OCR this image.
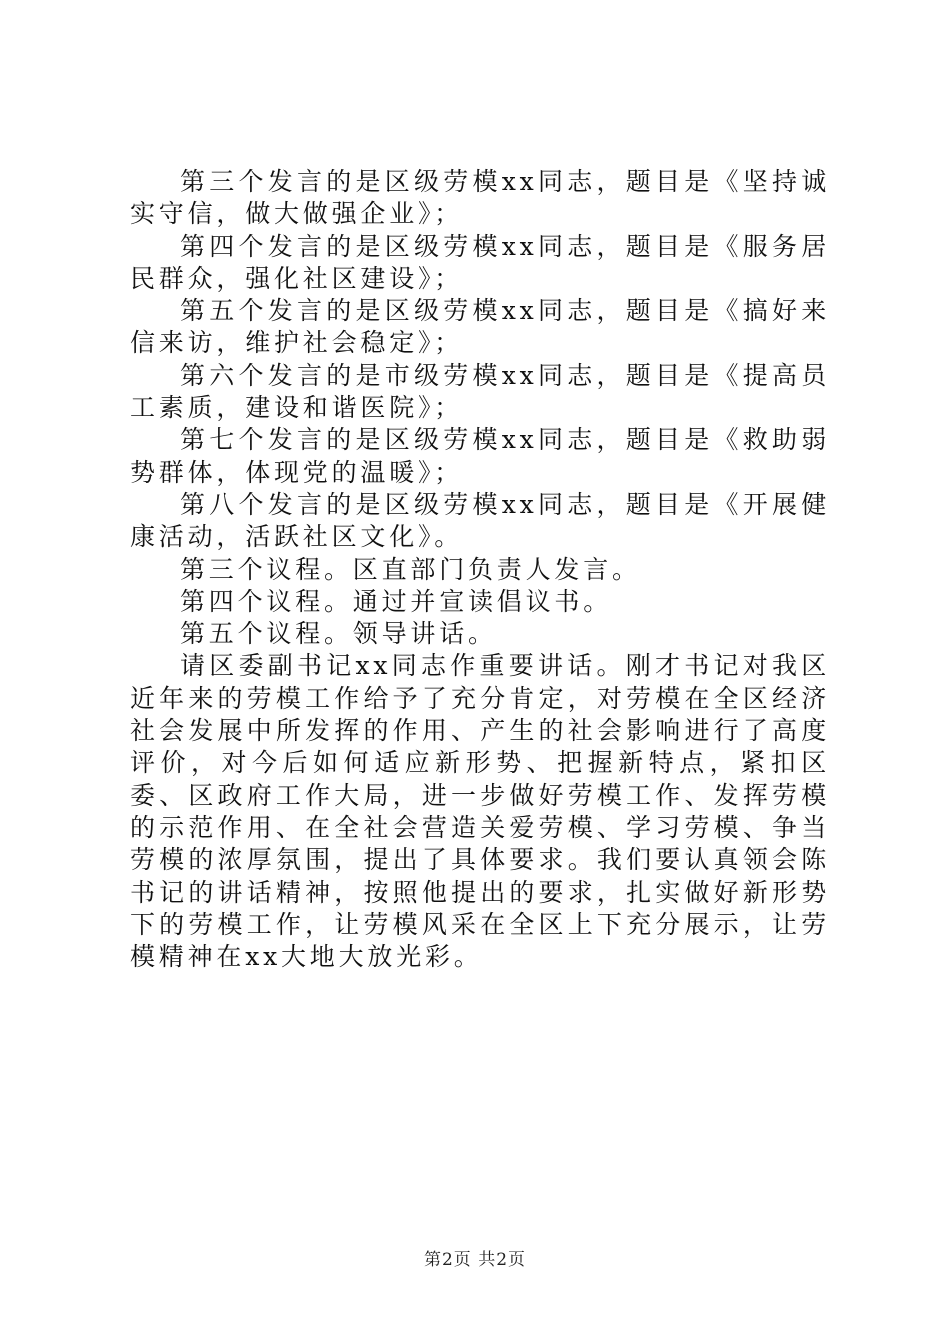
第三个发言的是区级劳模xx同志，题目是《坚持诚实守信，做大做强企业》；

第四个发言的是区级劳模xx同志，题目是《服务居民群众，强化社区建设》；

第五个发言的是区级劳模xx同志，题目是《搞好来信来访，维护社会稳定》；

第六个发言的是市级劳模xx同志，题目是《提高员工素质，建设和谐医院》；

第七个发言的是区级劳模xx同志，题目是《救助弱势群体，体现党的温暖》；

第八个发言的是区级劳模xx同志，题目是《开展健康活动，活跃社区文化》。

第三个议程。区直部门负责人发言。

第四个议程。通过并宣读倡议书。

第五个议程。领导讲话。

请区委副书记xx同志作重要讲话。刚才书记对我区近年来的劳模工作给予了充分肯定，对劳模在全区经济社会发展中所发挥的作用、产生的社会影响进行了高度评价，对今后如何适应新形势、把握新特点，紧扣区委、区政府工作大局，进一步做好劳模工作、发挥劳模的示范作用、在全社会营造关爱劳模、学习劳模、争当劳模的浓厚氛围，提出了具体要求。我们要认真领会陈书记的讲话精神，按照他提出的要求，扎实做好新形势下的劳模工作，让劳模风采在全区上下充分展示，让劳模精神在xx大地大放光彩。

第2页 共2页
